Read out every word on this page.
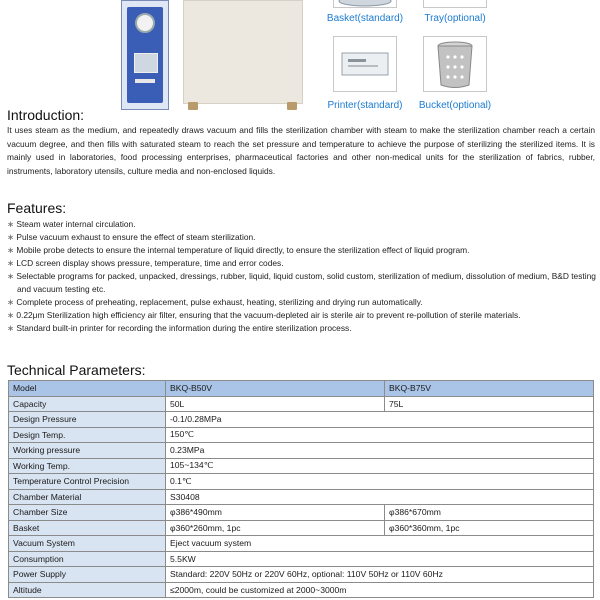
Basket(standard)	Tray(optional)
Printer(standard)	Bucket(optional)
Introduction:
It uses steam as the medium, and repeatedly draws vacuum and fills the sterilization chamber with steam to make the sterilization chamber reach a certain vacuum degree, and then fills with saturated steam to reach the set pressure and temperature to achieve the purpose of sterilizing the sterilized items. It is mainly used in laboratories, food processing enterprises, pharmaceutical factories and other non-medical units for the sterilization of fabrics, rubber, instruments, laboratory utensils, culture media and non-enclosed liquids.
Features:
∗ Steam water internal circulation.
∗ Pulse vacuum exhaust to ensure the effect of steam sterilization.
∗ Mobile probe detects to ensure the internal temperature of liquid directly, to ensure the sterilization effect of liquid program.
∗ LCD screen display shows pressure, temperature, time and error codes.
∗ Selectable programs for packed, unpacked, dressings, rubber, liquid, liquid custom, solid custom, sterilization of medium, dissolution of medium, B&D testing and vacuum testing etc.
∗ Complete process of preheating, replacement, pulse exhaust, heating, sterilizing and drying run automatically.
∗ 0.22μm Sterilization high efficiency air filter, ensuring that the vacuum-depleted air is sterile air to prevent re-pollution of sterile materials.
∗ Standard built-in printer for recording the information during the entire sterilization process.
Technical Parameters:
Model	BKQ-B50V	BKQ-B75V
Capacity	50L	75L
Design Pressure	-0.1/0.28MPa	
Design Temp.	150℃	
Working pressure	0.23MPa	
Working Temp.	105~134℃	
Temperature Control Precision	0.1℃	
Chamber Material	S30408	
Chamber Size	φ386*490mm	φ386*670mm
Basket	φ360*260mm, 1pc	φ360*360mm, 1pc
Vacuum System	Eject vacuum system	
Consumption	5.5KW	
Power Supply	Standard: 220V 50Hz or 220V 60Hz, optional: 110V 50Hz or 110V 60Hz	
Altitude	≤2000m, could be customized at 2000~3000m	
